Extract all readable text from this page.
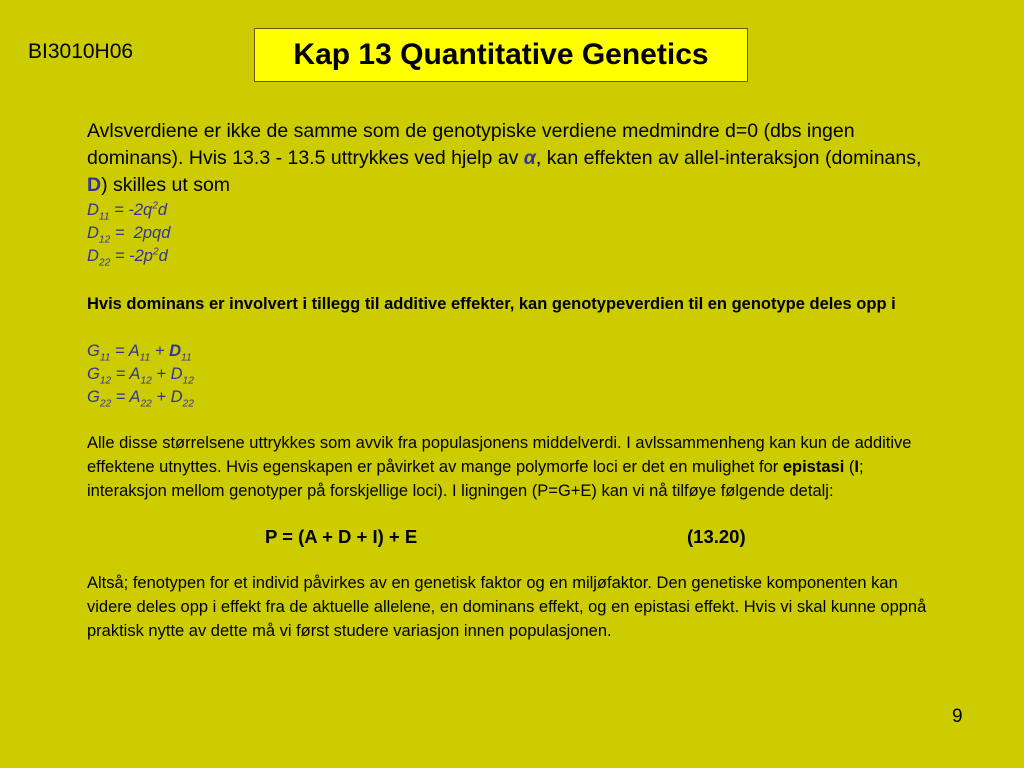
BI3010H06	Kap 13 Quantitative Genetics
Avlsverdiene er ikke de samme som de genotypiske verdiene medmindre d=0 (dbs ingen dominans). Hvis 13.3 - 13.5 uttrykkes ved hjelp av α, kan effekten av allel-interaksjon (dominans, D) skilles ut som
$D_{11} = -2q^2d$
$D_{12} = 2pqd$
$D_{22} = -2p^2d$
Hvis dominans er involvert i tillegg til additive effekter, kan genotypeverdien til en genotype deles opp i
$G_{11} = A_{11} + D_{11}$
$G_{12} = A_{12} + D_{12}$
$G_{22} = A_{22} + D_{22}$
Alle disse størrelsene uttrykkes som avvik fra populasjonens middelverdi. I avlssammenheng kan kun de additive effektene utnyttes. Hvis egenskapen er påvirket av mange polymorfe loci er det en mulighet for epistasi (I; interaksjon mellom genotyper på forskjellige loci). I ligningen (P=G+E) kan vi nå tilføye følgende detalj:
P = (A + D + I) + E	(13.20)
Altså; fenotypen for et individ påvirkes av en genetisk faktor og en miljøfaktor. Den genetiske komponenten kan videre deles opp i effekt fra de aktuelle allelene, en dominans effekt, og en epistasi effekt. Hvis vi skal kunne oppnå praktisk nytte av dette må vi først studere variasjon innen populasjonen.
9
